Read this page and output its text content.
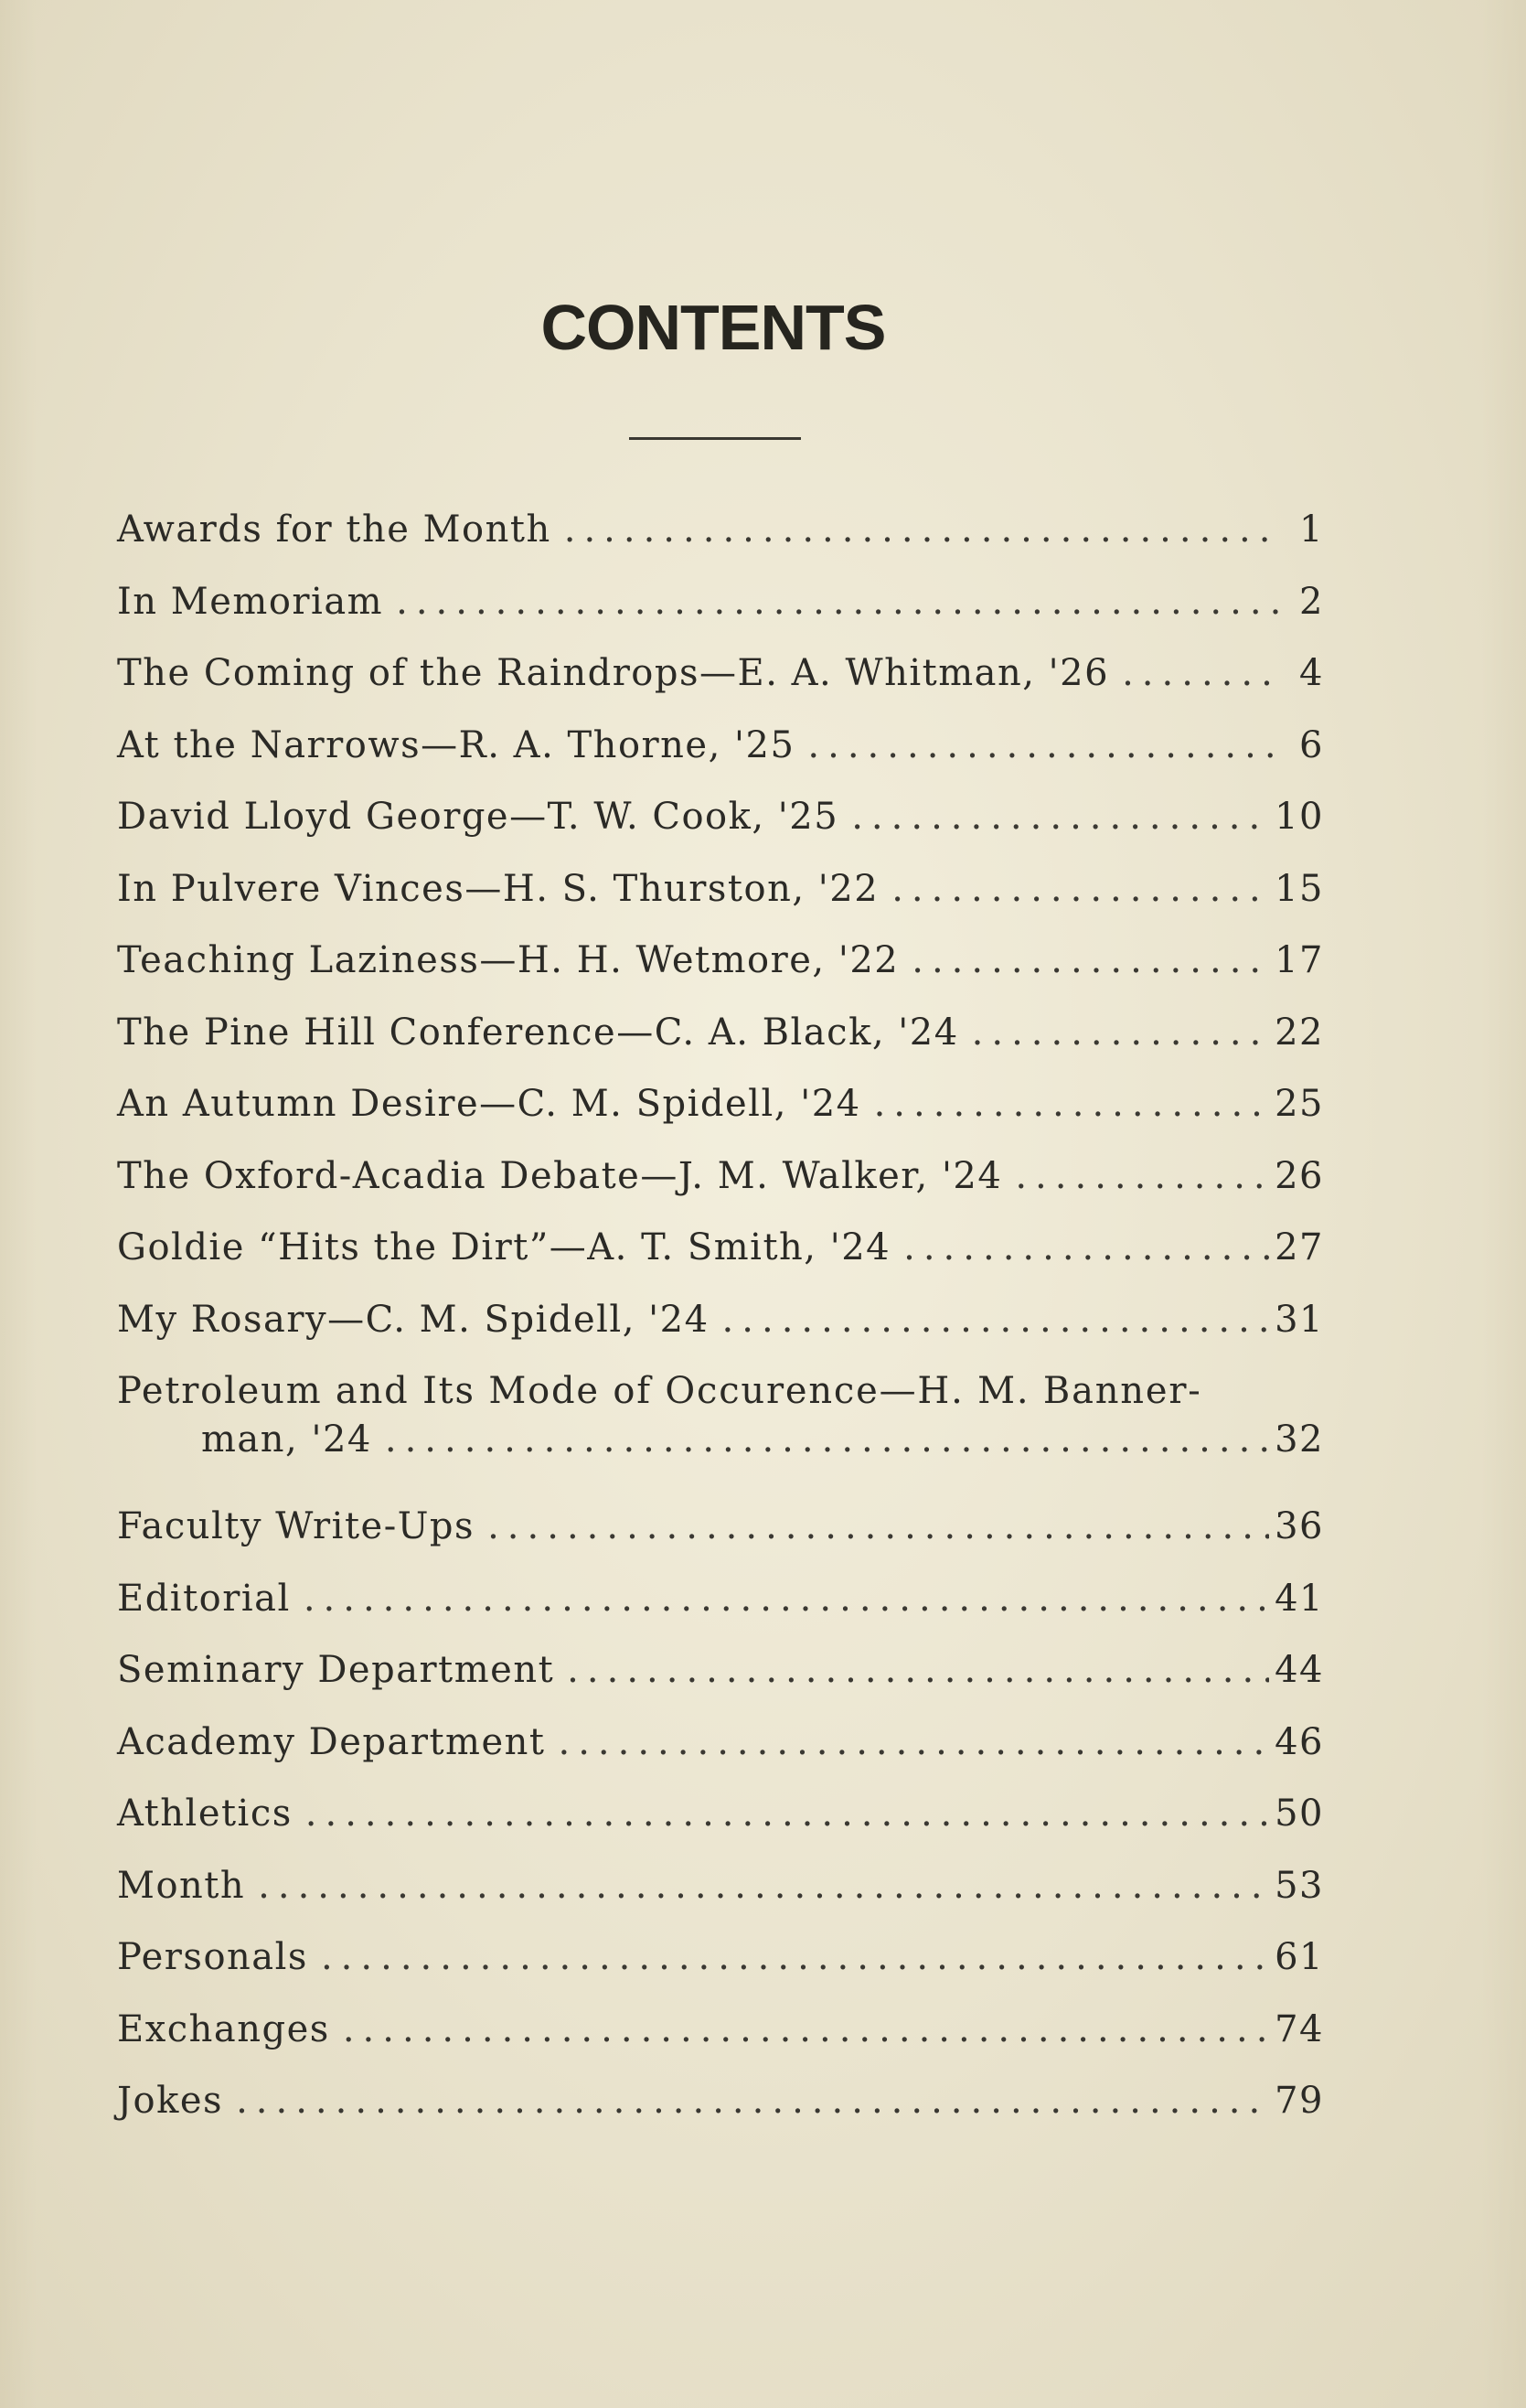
CONTENTS
Awards for the Month .....	1
In Memoriam .....	2
The Coming of the Raindrops—E. A. Whitman, '26 .....	4
At the Narrows—R. A. Thorne, '25 .....	6
David Lloyd George—T. W. Cook, '25 .....	10
In Pulvere Vinces—H. S. Thurston, '22 .....	15
Teaching Laziness—H. H. Wetmore, '22 .....	17
The Pine Hill Conference—C. A. Black, '24 .....	22
An Autumn Desire—C. M. Spidell, '24 .....	25
The Oxford-Acadia Debate—J. M. Walker, '24 .....	26
Goldie “Hits the Dirt”—A. T. Smith, '24 .....	27
My Rosary—C. M. Spidell, '24 .....	31
Petroleum and Its Mode of Occurence—H. M. Banner-
man, '24 .....	32
Faculty Write-Ups .....	36
Editorial .....	41
Seminary Department .....	44
Academy Department .....	46
Athletics .....	50
Month .....	53
Personals .....	61
Exchanges .....	74
Jokes .....	79
